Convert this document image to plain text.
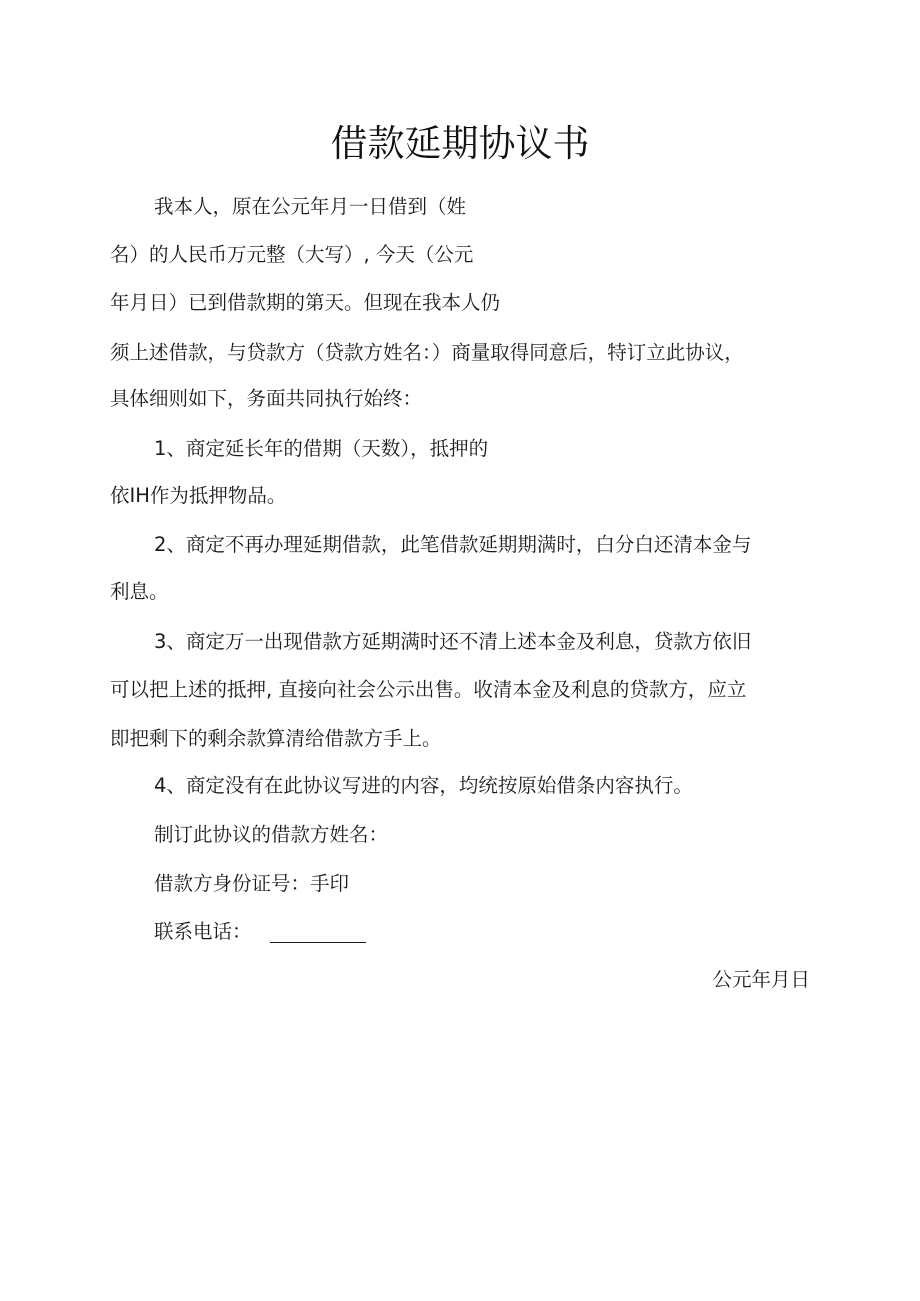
借款延期协议书
我本人，原在公元年月一日借到（姓
名）的人民币万元整（大写）, 今天（公元
年月日）已到借款期的第天。但现在我本人仍
须上述借款，与贷款方（贷款方姓名：）商量取得同意后，特订立此协议，
具体细则如下，务面共同执行始终：
1、商定延长年的借期（天数），抵押的
依IH作为抵押物品。
2、商定不再办理延期借款，此笔借款延期期满时，白分白还清本金与
利息。
3、商定万一出现借款方延期满时还不清上述本金及利息，贷款方依旧
可以把上述的抵押, 直接向社会公示出售。收清本金及利息的贷款方，应立
即把剩下的剩余款算清给借款方手上。
4、商定没有在此协议写进的内容，均统按原始借条内容执行。
制订此协议的借款方姓名：
借款方身份证号：手印
联系电话：
公元年月日
